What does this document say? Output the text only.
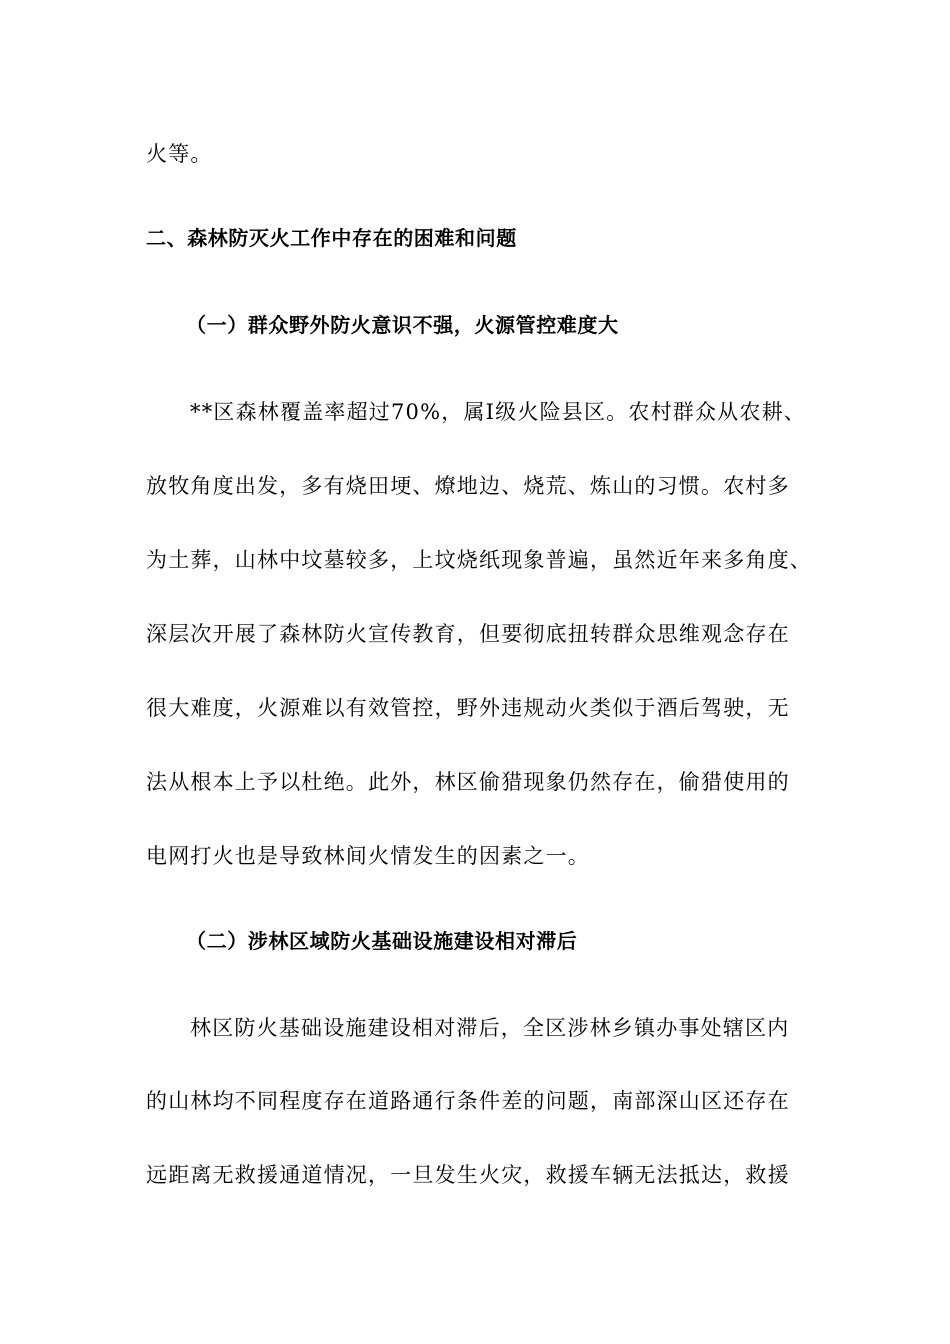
火等。
二、森林防灭火工作中存在的困难和问题
（一）群众野外防火意识不强，火源管控难度大
**区森林覆盖率超过70%，属Ⅰ级火险县区。农村群众从农耕、
放牧角度出发，多有烧田埂、燎地边、烧荒、炼山的习惯。农村多
为土葬，山林中坟墓较多，上坟烧纸现象普遍，虽然近年来多角度、
深层次开展了森林防火宣传教育，但要彻底扭转群众思维观念存在
很大难度，火源难以有效管控，野外违规动火类似于酒后驾驶，无
法从根本上予以杜绝。此外，林区偷猎现象仍然存在，偷猎使用的
电网打火也是导致林间火情发生的因素之一。
（二）涉林区域防火基础设施建设相对滞后
林区防火基础设施建设相对滞后，全区涉林乡镇办事处辖区内
的山林均不同程度存在道路通行条件差的问题，南部深山区还存在
远距离无救援通道情况，一旦发生火灾，救援车辆无法抵达，救援
